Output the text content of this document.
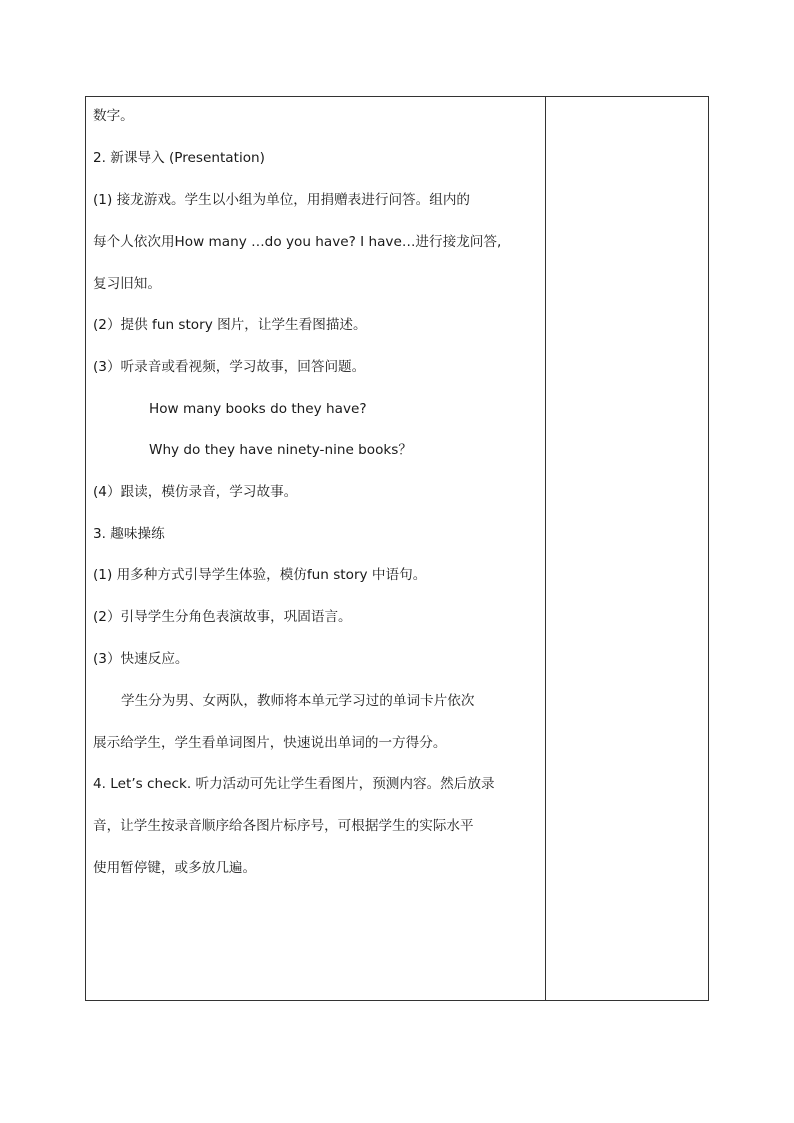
数字。
2. 新课导入 (Presentation)
(1) 接龙游戏。学生以小组为单位，用捐赠表进行问答。组内的
每个人依次用How many …do you have? I have…进行接龙问答,
复习旧知。
(2）提供 fun story 图片，让学生看图描述。
(3）听录音或看视频，学习故事，回答问题。
How many books do they have?
Why do they have ninety-nine books？
(4）跟读，模仿录音，学习故事。
3. 趣味操练
(1) 用多种方式引导学生体验，模仿fun story 中语句。
(2）引导学生分角色表演故事，巩固语言。
(3）快速反应。
学生分为男、女两队，教师将本单元学习过的单词卡片依次
展示给学生，学生看单词图片，快速说出单词的一方得分。
4. Let’s check. 听力活动可先让学生看图片，预测内容。然后放录
音，让学生按录音顺序给各图片标序号，可根据学生的实际水平
使用暂停键，或多放几遍。
